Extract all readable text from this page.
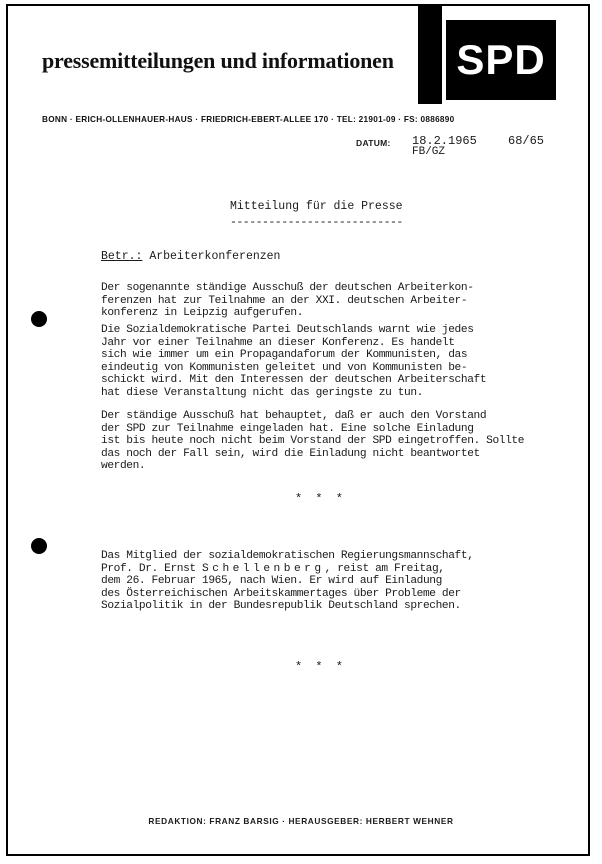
SPD
pressemitteilungen und informationen
BONN · ERICH-OLLENHAUER-HAUS · FRIEDRICH-EBERT-ALLEE 170 · TEL: 21901-09 · FS: 0886890
DATUM: 18.2.1965	68/65
FB/GZ
Mitteilung für die Presse
---------------------------
Betr.: Arbeiterkonferenzen
Der sogenannte ständige Ausschuß der deutschen Arbeiterkon-
ferenzen hat zur Teilnahme an der XXI. deutschen Arbeiter-
konferenz in Leipzig aufgerufen.
Die Sozialdemokratische Partei Deutschlands warnt wie jedes
Jahr vor einer Teilnahme an dieser Konferenz. Es handelt
sich wie immer um ein Propagandaforum der Kommunisten, das
eindeutig von Kommunisten geleitet und von Kommunisten be-
schickt wird. Mit den Interessen der deutschen Arbeiterschaft
hat diese Veranstaltung nicht das geringste zu tun.
Der ständige Ausschuß hat behauptet, daß er auch den Vorstand
der SPD zur Teilnahme eingeladen hat. Eine solche Einladung
ist bis heute noch nicht beim Vorstand der SPD eingetroffen. Sollte
das noch der Fall sein, wird die Einladung nicht beantwortet
werden.
* * *
Das Mitglied der sozialdemokratischen Regierungsmannschaft,
Prof. Dr. Ernst Schellenberg, reist am Freitag,
dem 26. Februar 1965, nach Wien. Er wird auf Einladung
des Österreichischen Arbeitskammertages über Probleme der
Sozialpolitik in der Bundesrepublik Deutschland sprechen.
* * *
REDAKTION: FRANZ BARSIG · HERAUSGEBER: HERBERT WEHNER
